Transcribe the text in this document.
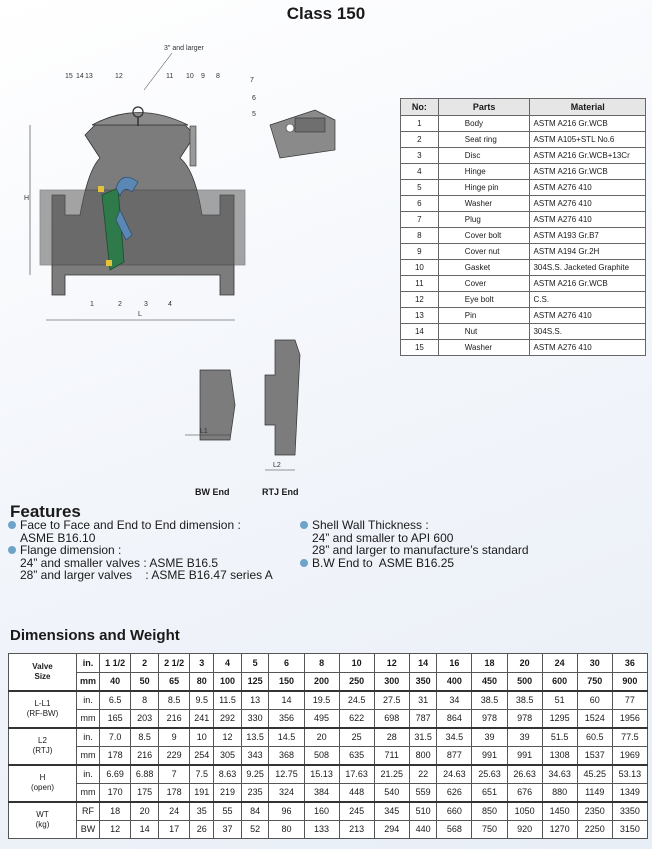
Class 150
3" and larger
15 14 13	12	11 10 9 8
H
L
1	2	3	4
7
6
5
L1
L2
BW End	RTJ End
No:	Parts	Material
1	Body	ASTM A216 Gr.WCB
2	Seat ring	ASTM A105+STL No.6
3	Disc	ASTM A216 Gr.WCB+13Cr
4	Hinge	ASTM A216 Gr.WCB
5	Hinge pin	ASTM A276 410
6	Washer	ASTM A276 410
7	Plug	ASTM A276 410
8	Cover bolt	ASTM A193 Gr.B7
9	Cover nut	ASTM A194 Gr.2H
10	Gasket	304S.S. Jacketed Graphite
11	Cover	ASTM A216 Gr.WCB
12	Eye bolt	C.S.
13	Pin	ASTM A276 410
14	Nut	304S.S.
15	Washer	ASTM A276 410
Features
Face to Face and End to End dimension :
ASME B16.10
Flange dimension :
24” and smaller valves : ASME B16.5
28” and larger valves    : ASME B16.47 series A
Shell Wall Thickness :
24” and smaller to API 600
28” and larger to manufacture’s standard
B.W End to  ASME B16.25
Dimensions and Weight
Valve
Size	in.	1 1/2	2	2 1/2	3	4	5	6	8	10	12	14	16	18	20	24	30	36
	mm	40	50	65	80	100	125	150	200	250	300	350	400	450	500	600	750	900
L-L1
(RF-BW)	in.	6.5	8	8.5	9.5	11.5	13	14	19.5	24.5	27.5	31	34	38.5	38.5	51	60	77
	mm	165	203	216	241	292	330	356	495	622	698	787	864	978	978	1295	1524	1956
L2
(RTJ)	in.	7.0	8.5	9	10	12	13.5	14.5	20	25	28	31.5	34.5	39	39	51.5	60.5	77.5
	mm	178	216	229	254	305	343	368	508	635	711	800	877	991	991	1308	1537	1969
H
(open)	in.	6.69	6.88	7	7.5	8.63	9.25	12.75	15.13	17.63	21.25	22	24.63	25.63	26.63	34.63	45.25	53.13
	mm	170	175	178	191	219	235	324	384	448	540	559	626	651	676	880	1149	1349
WT
(kg)	RF	18	20	24	35	55	84	96	160	245	345	510	660	850	1050	1450	2350	3350
	BW	12	14	17	26	37	52	80	133	213	294	440	568	750	920	1270	2250	3150
